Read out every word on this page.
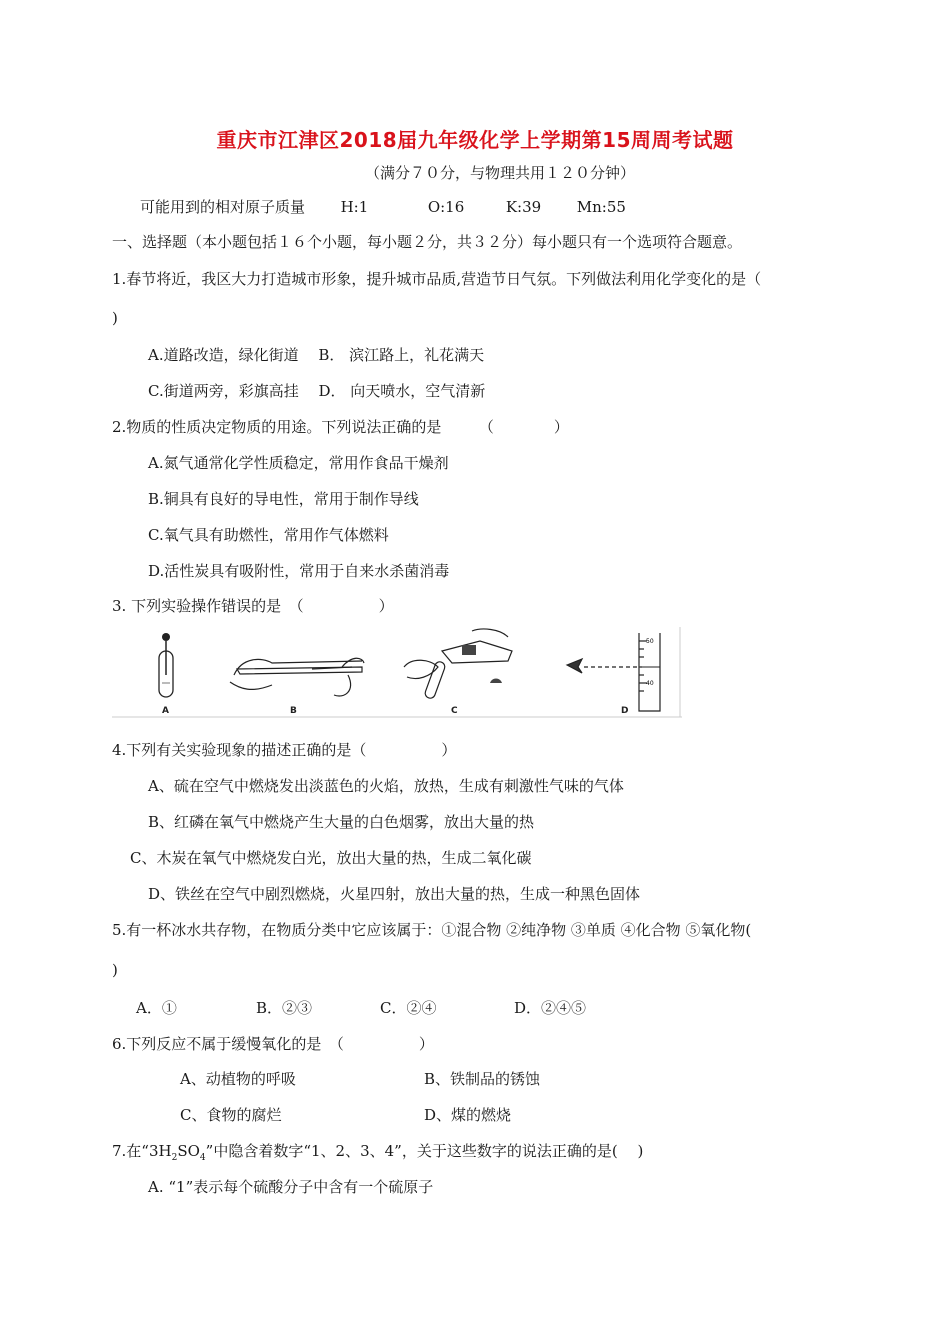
重庆市江津区2018届九年级化学上学期第15周周考试题
（满分７０分，与物理共用１２０分钟）
可能用到的相对原子质量 H:1	O:16	K:39 Mn:55
一、选择题（本小题包括１６个小题，每小题２分，共３２分）每小题只有一个选项符合题意。
1.春节将近，我区大力打造城市形象，提升城市品质,营造节日气氛。下列做法利用化学变化的是（
)
A.道路改造，绿化街道　 B． 滨江路上，礼花满天
C.街道两旁，彩旗高挂　 D． 向天喷水，空气清新
2.物质的性质决定物质的用途。下列说法正确的是　　　（　　　　）
A.氮气通常化学性质稳定，常用作食品干燥剂
B.铜具有良好的导电性，常用于制作导线
C.氧气具有助燃性，常用作气体燃料
D.活性炭具有吸附性，常用于自来水杀菌消毒
3. 下列实验操作错误的是　（　　　　　）
A	B	C
50
40
D
4.下列有关实验现象的描述正确的是（　　　　　）
A、硫在空气中燃烧发出淡蓝色的火焰，放热，生成有刺激性气味的气体
B、红磷在氧气中燃烧产生大量的白色烟雾，放出大量的热
C、木炭在氧气中燃烧发白光，放出大量的热，生成二氧化碳
D、铁丝在空气中剧烈燃烧，火星四射，放出大量的热，生成一种黑色固体
5.有一杯冰水共存物，在物质分类中它应该属于：①混合物 ②纯净物 ③单质 ④化合物 ⑤氧化物(
)
A．①	B．②③	C．②④	D．②④⑤
6.下列反应不属于缓慢氧化的是　（　　　　　）
A、动植物的呼吸	B、铁制品的锈蚀
C、食物的腐烂	D、煤的燃烧
7.在“$3H_2SO_4$”中隐含着数字“1、2、3、4”，关于这些数字的说法正确的是(　 )
A. “1”表示每个硫酸分子中含有一个硫原子
